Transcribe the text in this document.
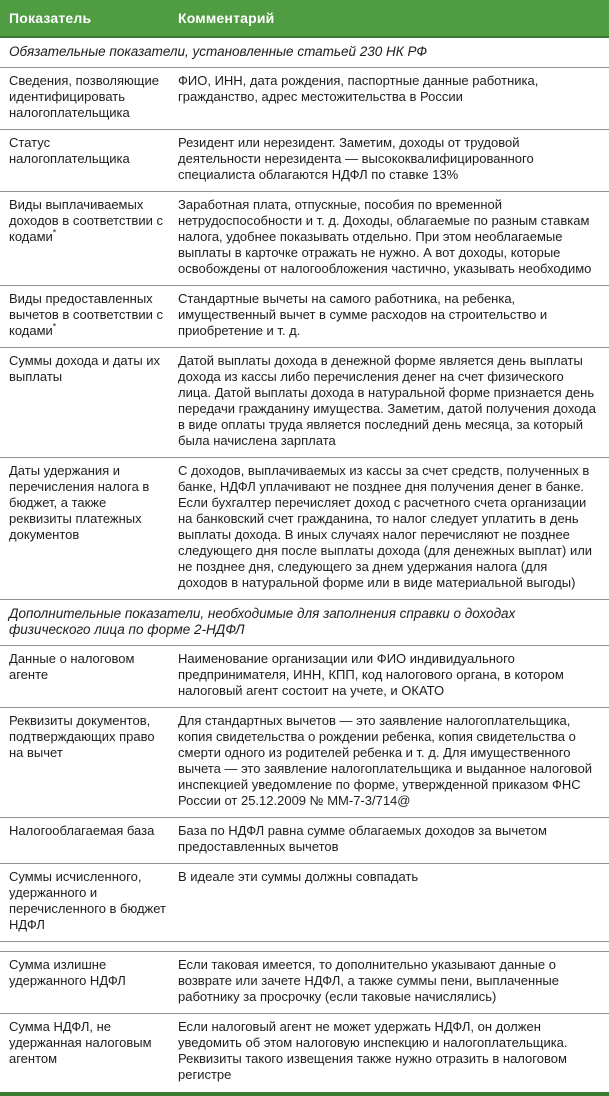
Показатель	Комментарий
Обязательные показатели, установленные статьей 230 НК РФ
Сведения, позволяющие идентифицировать налогоплательщика
ФИО, ИНН, дата рождения, паспортные данные работника, гражданство, адрес местожительства в России
Статус налогоплательщика
Резидент или нерезидент. Заметим, доходы от трудовой деятельности нерезидента — высококвалифицированного специалиста облагаются НДФЛ по ставке 13%
Виды выплачиваемых доходов в соответствии с кодами*
Заработная плата, отпускные, пособия по временной нетрудоспособности и т. д. Доходы, облагаемые по разным ставкам налога, удобнее показывать отдельно. При этом необлагаемые выплаты в карточке отражать не нужно. А вот доходы, которые освобождены от налогообложения частично, указывать необходимо
Виды предоставленных вычетов в соответствии с кодами*
Стандартные вычеты на самого работника, на ребенка, имущественный вычет в сумме расходов на строительство и приобретение и т. д.
Суммы дохода и даты их выплаты
Датой выплаты дохода в денежной форме является день выплаты дохода из кассы либо перечисления денег на счет физического лица. Датой выплаты дохода в натуральной форме признается день передачи гражданину имущества. Заметим, датой получения дохода в виде оплаты труда является последний день месяца, за который была начислена зарплата
Даты удержания и перечисления налога в бюджет, а также реквизиты платежных документов
С доходов, выплачиваемых из кассы за счет средств, полученных в банке, НДФЛ уплачивают не позднее дня получения денег в банке. Если бухгалтер перечисляет доход с расчетного счета организации на банковский счет гражданина, то налог следует уплатить в день выплаты дохода. В иных случаях налог перечисляют не позднее следующего дня после выплаты дохода (для денежных выплат) или не позднее дня, следующего за днем удержания налога (для доходов в натуральной форме или в виде материальной выгоды)
Дополнительные показатели, необходимые для заполнения справки о доходах физического лица по форме 2-НДФЛ
Данные о налоговом агенте
Наименование организации или ФИО индивидуального предпринимателя, ИНН, КПП, код налогового органа, в котором налоговый агент состоит на учете, и ОКАТО
Реквизиты документов, подтверждающих право на вычет
Для стандартных вычетов — это заявление налогоплательщика, копия свидетельства о рождении ребенка, копия свидетельства о смерти одного из родителей ребенка и т. д. Для имущественного вычета — это заявление налогоплательщика и выданное налоговой инспекцией уведомление по форме, утвержденной приказом ФНС России от 25.12.2009 № ММ-7-3/714@
Налогооблагаемая база	База по НДФЛ равна сумме облагаемых доходов за вычетом предоставленных вычетов
Суммы исчисленного, удержанного и перечисленного в бюджет НДФЛ
В идеале эти суммы должны совпадать
Сумма излишне удержанного НДФЛ
Если таковая имеется, то дополнительно указывают данные о возврате или зачете НДФЛ, а также суммы пени, выплаченные работнику за просрочку (если таковые начислялись)
Сумма НДФЛ, не удержанная налоговым агентом
Если налоговый агент не может удержать НДФЛ, он должен уведомить об этом налоговую инспекцию и налогоплательщика. Реквизиты такого извещения также нужно отразить в налоговом регистре
